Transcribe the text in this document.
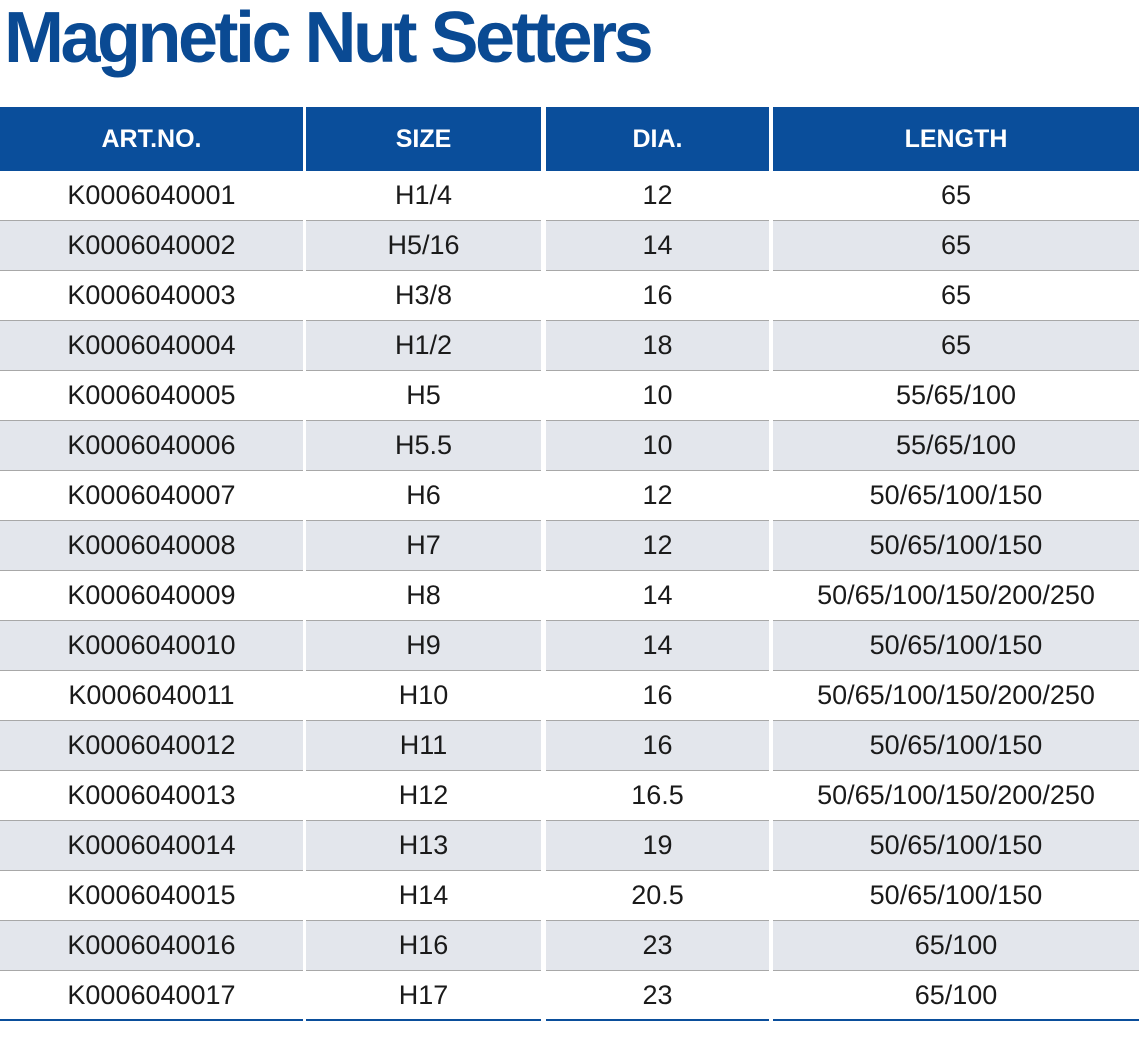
Magnetic Nut Setters
ART.NO.	SIZE	DIA.	LENGTH
K0006040001	H1/4	12	65
K0006040002	H5/16	14	65
K0006040003	H3/8	16	65
K0006040004	H1/2	18	65
K0006040005	H5	10	55/65/100
K0006040006	H5.5	10	55/65/100
K0006040007	H6	12	50/65/100/150
K0006040008	H7	12	50/65/100/150
K0006040009	H8	14	50/65/100/150/200/250
K0006040010	H9	14	50/65/100/150
K0006040011	H10	16	50/65/100/150/200/250
K0006040012	H11	16	50/65/100/150
K0006040013	H12	16.5	50/65/100/150/200/250
K0006040014	H13	19	50/65/100/150
K0006040015	H14	20.5	50/65/100/150
K0006040016	H16	23	65/100
K0006040017	H17	23	65/100
